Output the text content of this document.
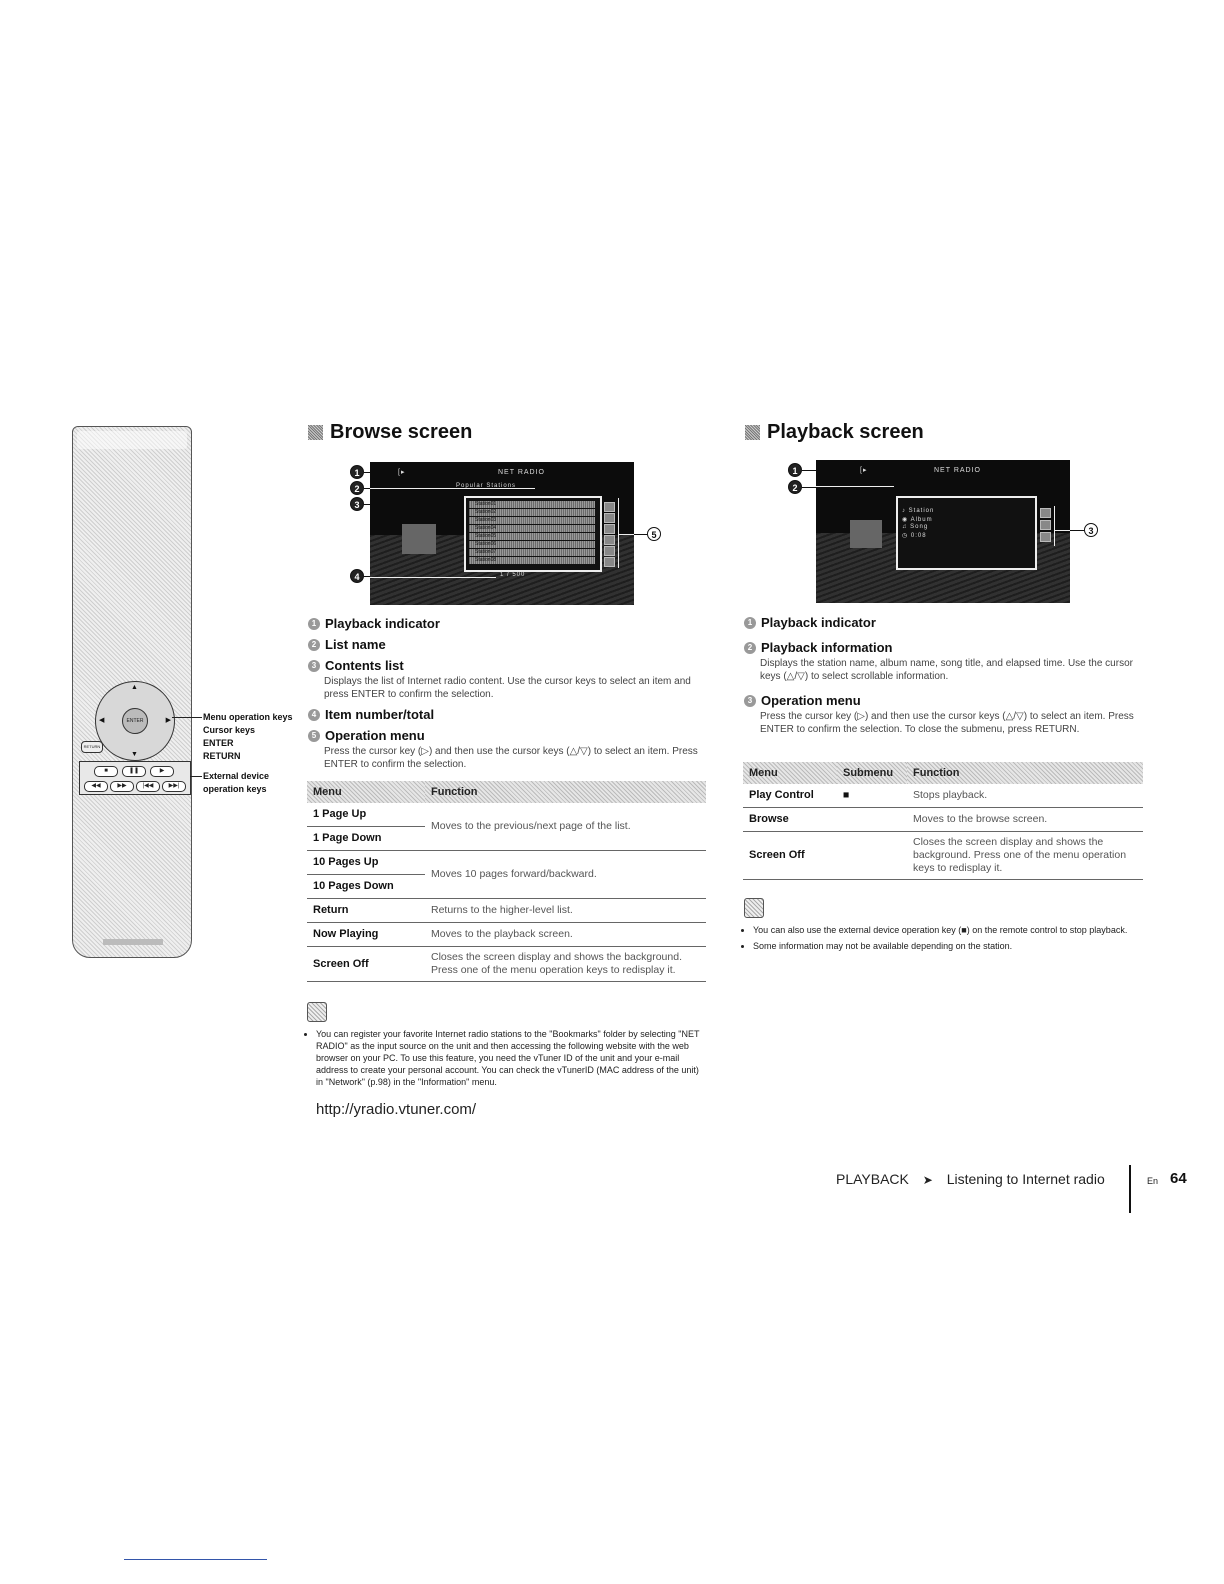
▲
▼
◀	▶
ENTER
RETURN
■	❚❚	▶
◀◀	▶▶	|◀◀	▶▶|
Menu operation keys
Cursor keys
ENTER
RETURN
External device
operation keys
Browse screen
[▸	NET RADIO
Popular Stations
Station01
Station02
Station03
Station04
Station05
Station06
Station07
Station08
1 / 500
1
2
3
4
5
1 Playback indicator
2 List name
3 Contents list
Displays the list of Internet radio content. Use the cursor keys to select an item and press ENTER to confirm the selection.
4 Item number/total
5 Operation menu
Press the cursor key (▷) and then use the cursor keys (△/▽) to select an item. Press ENTER to confirm the selection.
Menu	Function
1 Page Up	Moves to the previous/next page of the list.
1 Page Down	
10 Pages Up	Moves 10 pages forward/backward.
10 Pages Down	
Return	Returns to the higher-level list.
Now Playing	Moves to the playback screen.
Screen Off	Closes the screen display and shows the background. Press one of the menu operation keys to redisplay it.
• You can register your favorite Internet radio stations to the "Bookmarks" folder by selecting "NET RADIO" as the input source on the unit and then accessing the following website with the web browser on your PC. To use this feature, you need the vTuner ID of the unit and your e-mail address to create your personal account. You can check the vTunerID (MAC address of the unit) in "Network" (p.98) in the "Information" menu.
http://yradio.vtuner.com/
Playback screen
[▸	NET RADIO
♪ Station
◉ Album
♫ Song
◷ 0:08
1
2
3
1 Playback indicator
2 Playback information
Displays the station name, album name, song title, and elapsed time. Use the cursor keys (△/▽) to select scrollable information.
3 Operation menu
Press the cursor key (▷) and then use the cursor keys (△/▽) to select an item. Press ENTER to confirm the selection. To close the submenu, press RETURN.
Menu	Submenu	Function
Play Control	■	Stops playback.
Browse		Moves to the browse screen.
Screen Off		Closes the screen display and shows the background. Press one of the menu operation keys to redisplay it.
• You can also use the external device operation key (■) on the remote control to stop playback.
• Some information may not be available depending on the station.
PLAYBACK ➤ Listening to Internet radio	En 64
